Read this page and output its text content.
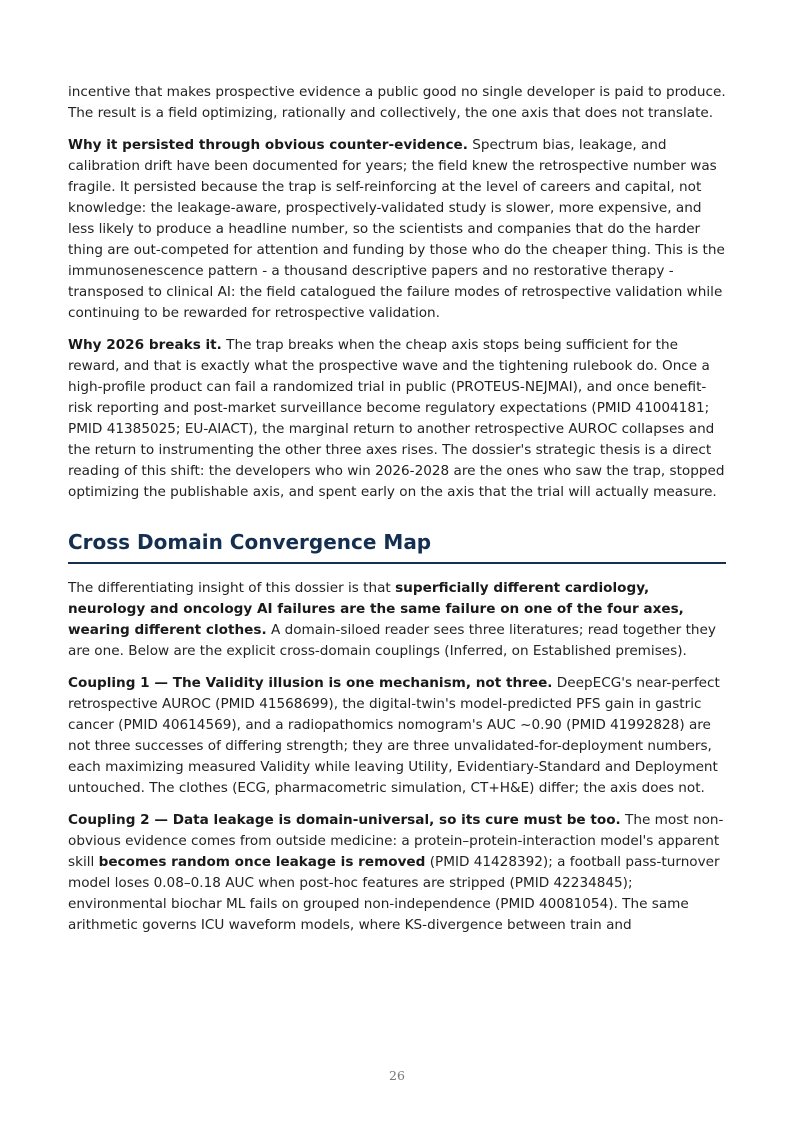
incentive that makes prospective evidence a public good no single developer is paid to produce. The result is a field optimizing, rationally and collectively, the one axis that does not translate.

Why it persisted through obvious counter-evidence. Spectrum bias, leakage, and calibration drift have been documented for years; the field knew the retrospective number was fragile. It persisted because the trap is self-reinforcing at the level of careers and capital, not knowledge: the leakage-aware, prospectively-validated study is slower, more expensive, and less likely to produce a headline number, so the scientists and companies that do the harder thing are out-competed for attention and funding by those who do the cheaper thing. This is the immunosenescence pattern - a thousand descriptive papers and no restorative therapy - transposed to clinical AI: the field catalogued the failure modes of retrospective validation while continuing to be rewarded for retrospective validation.

Why 2026 breaks it. The trap breaks when the cheap axis stops being sufficient for the reward, and that is exactly what the prospective wave and the tightening rulebook do. Once a high-profile product can fail a randomized trial in public (PROTEUS-NEJMAI), and once benefit-risk reporting and post-market surveillance become regulatory expectations (PMID 41004181; PMID 41385025; EU-AIACT), the marginal return to another retrospective AUROC collapses and the return to instrumenting the other three axes rises. The dossier's strategic thesis is a direct reading of this shift: the developers who win 2026-2028 are the ones who saw the trap, stopped optimizing the publishable axis, and spent early on the axis that the trial will actually measure.

Cross Domain Convergence Map

The differentiating insight of this dossier is that superficially different cardiology, neurology and oncology AI failures are the same failure on one of the four axes, wearing different clothes. A domain-siloed reader sees three literatures; read together they are one. Below are the explicit cross-domain couplings (Inferred, on Established premises).

Coupling 1 — The Validity illusion is one mechanism, not three. DeepECG's near-perfect retrospective AUROC (PMID 41568699), the digital-twin's model-predicted PFS gain in gastric cancer (PMID 40614569), and a radiopathomics nomogram's AUC ~0.90 (PMID 41992828) are not three successes of differing strength; they are three unvalidated-for-deployment numbers, each maximizing measured Validity while leaving Utility, Evidentiary-Standard and Deployment untouched. The clothes (ECG, pharmacometric simulation, CT+H&E) differ; the axis does not.

Coupling 2 — Data leakage is domain-universal, so its cure must be too. The most non-obvious evidence comes from outside medicine: a protein–protein-interaction model's apparent skill becomes random once leakage is removed (PMID 41428392); a football pass-turnover model loses 0.08–0.18 AUC when post-hoc features are stripped (PMID 42234845); environmental biochar ML fails on grouped non-independence (PMID 40081054). The same arithmetic governs ICU waveform models, where KS-divergence between train and

26
